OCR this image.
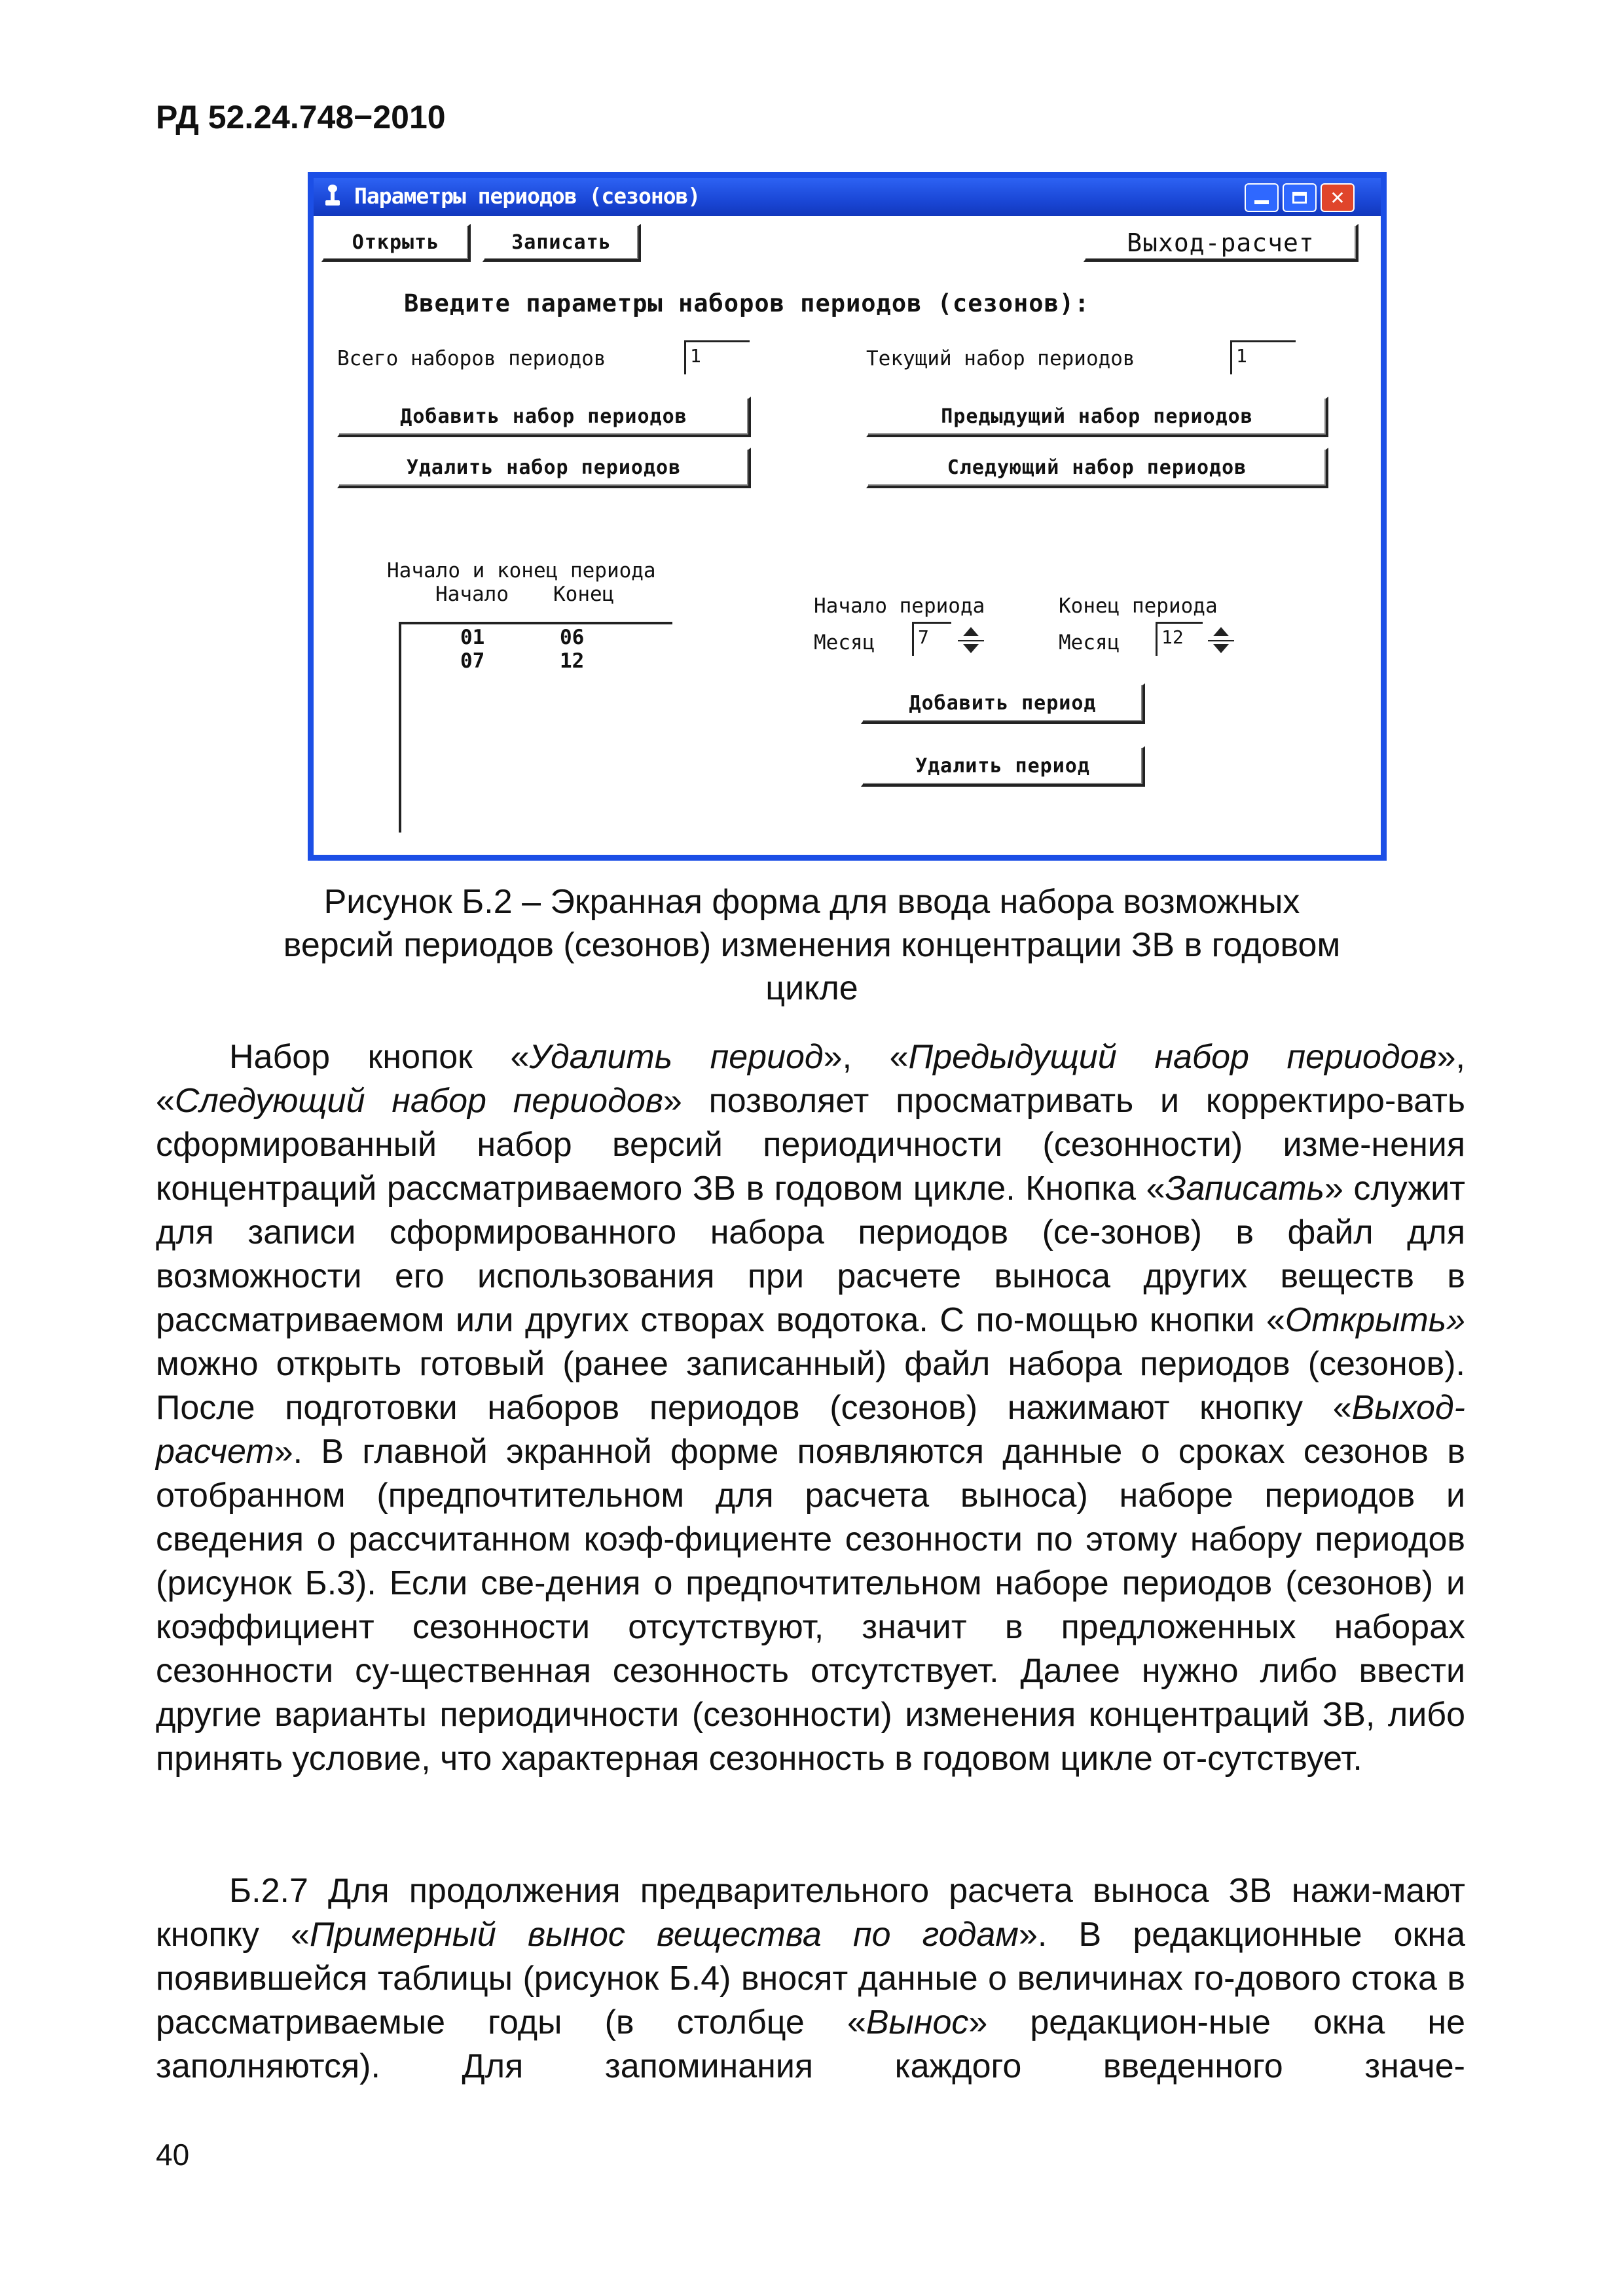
РД 52.24.748−2010
Параметры периодов (сезонов)	✕
Открыть	Записать	Выход-расчет
Введите параметры наборов периодов (сезонов):
Всего наборов периодов	1	Текущий набор периодов	1
Добавить набор периодов	Предыдущий набор периодов
Удалить набор периодов	Следующий набор периодов
Начало и конец периода
Начало Конец
01	06
07	12
Начало периода	Конец периода
Месяц	7	Месяц	12
Добавить период
Удалить период
Рисунок Б.2 – Экранная форма для ввода набора возможных
версий периодов (сезонов) изменения концентрации ЗВ в годовом
цикле

Набор кнопок «Удалить период», «Предыдущий набор периодов», «Следующий набор периодов» позволяет просматривать и корректиро-вать сформированный набор версий периодичности (сезонности) изме-нения концентраций рассматриваемого ЗВ в годовом цикле. Кнопка «Записать» служит для записи сформированного набора периодов (се-зонов) в файл для возможности его использования при расчете выноса других веществ в рассматриваемом или других створах водотока. С по-мощью кнопки «Открыть» можно открыть готовый (ранее записанный) файл набора периодов (сезонов). После подготовки наборов периодов (сезонов) нажимают кнопку «Выход-расчет». В главной экранной форме появляются данные о сроках сезонов в отобранном (предпочтительном для расчета выноса) наборе периодов и сведения о рассчитанном коэф-фициенте сезонности по этому набору периодов (рисунок Б.3). Если све-дения о предпочтительном наборе периодов (сезонов) и коэффициент сезонности отсутствуют, значит в предложенных наборах сезонности су-щественная сезонность отсутствует. Далее нужно либо ввести другие варианты периодичности (сезонности) изменения концентраций ЗВ, либо принять условие, что характерная сезонность в годовом цикле от-сутствует.

Б.2.7 Для продолжения предварительного расчета выноса ЗВ нажи-мают кнопку «Примерный вынос вещества по годам». В редакционные окна появившейся таблицы (рисунок Б.4) вносят данные о величинах го-дового стока в рассматриваемые годы (в столбце «Вынос» редакцион-ные окна не заполняются). Для запоминания каждого введенного значе-

40
